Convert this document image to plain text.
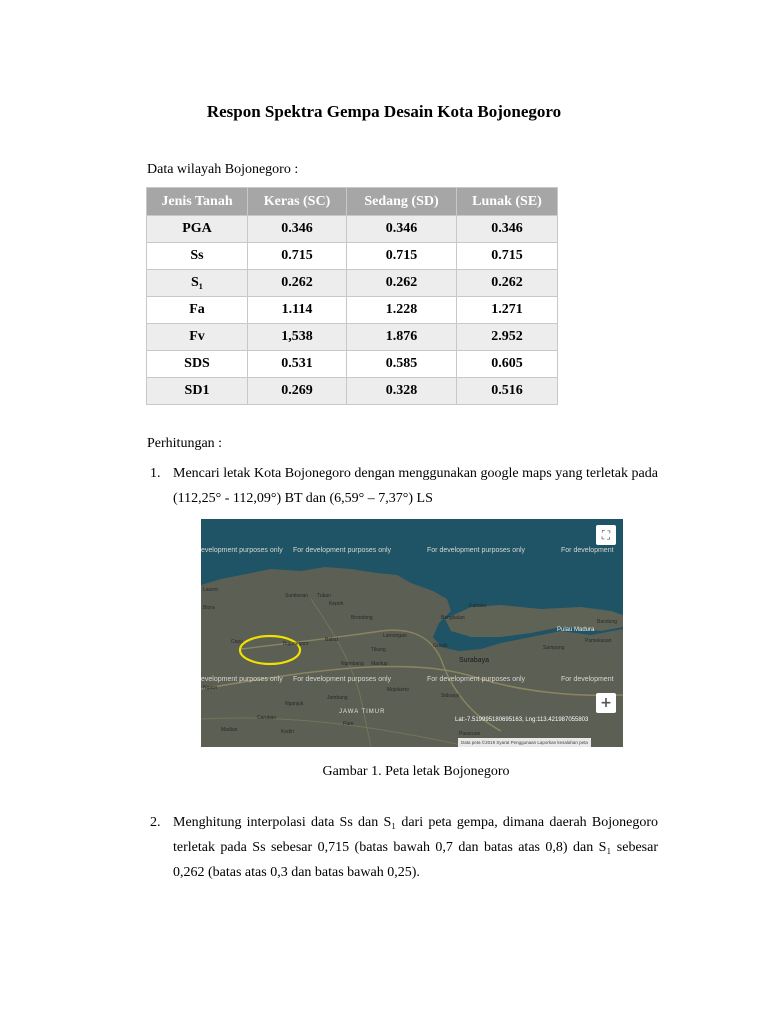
Respon Spektra Gempa Desain Kota Bojonegoro
Data wilayah Bojonegoro :
Jenis Tanah	Keras (SC)	Sedang (SD)	Lunak (SE)
PGA	0.346	0.346	0.346
Ss	0.715	0.715	0.715
S₁	0.262	0.262	0.262
Fa	1.114	1.228	1.271
Fv	1,538	1.876	2.952
SDS	0.531	0.585	0.605
SD1	0.269	0.328	0.516
Perhitungan :
1. Mencari letak Kota Bojonegoro dengan menggunakan google maps yang terletak pada (112,25° - 112,09°) BT dan (6,59° – 7,37°) LS
evelopment purposes only For development purposes only	For development purposes only	For development
evelopment purposes only For development purposes only	For development purposes only	For development
Lasem
Sumberan Tuban
Kepoh
Brondong
Blora
Cepu	Bojonegoro
Babat
Lamongan
Tikung
Ngimbang Mantup
Gresik
Surabaya
Bangkalan
Kamala
Pulau Madura
Bandung
Pamekasan
Sampang
Sidoarjo
Mojokerto
JAWA TIMUR
Ngawi
Nganjuk
Jombang
Madiun
Caruban
Kediri
Pare
Pasuruan
⛶
+
Lat:-7.51999518069516​3, Lng:113.421987055803
Data peta ©2019 Syarat Penggunaan Laporkan kesalahan peta
Gambar 1. Peta letak Bojonegoro
2. Menghitung interpolasi data Ss dan S₁ dari peta gempa, dimana daerah Bojonegoro terletak pada Ss sebesar 0,715 (batas bawah 0,7 dan batas atas 0,8) dan S₁ sebesar 0,262 (batas atas 0,3 dan batas bawah 0,25).
